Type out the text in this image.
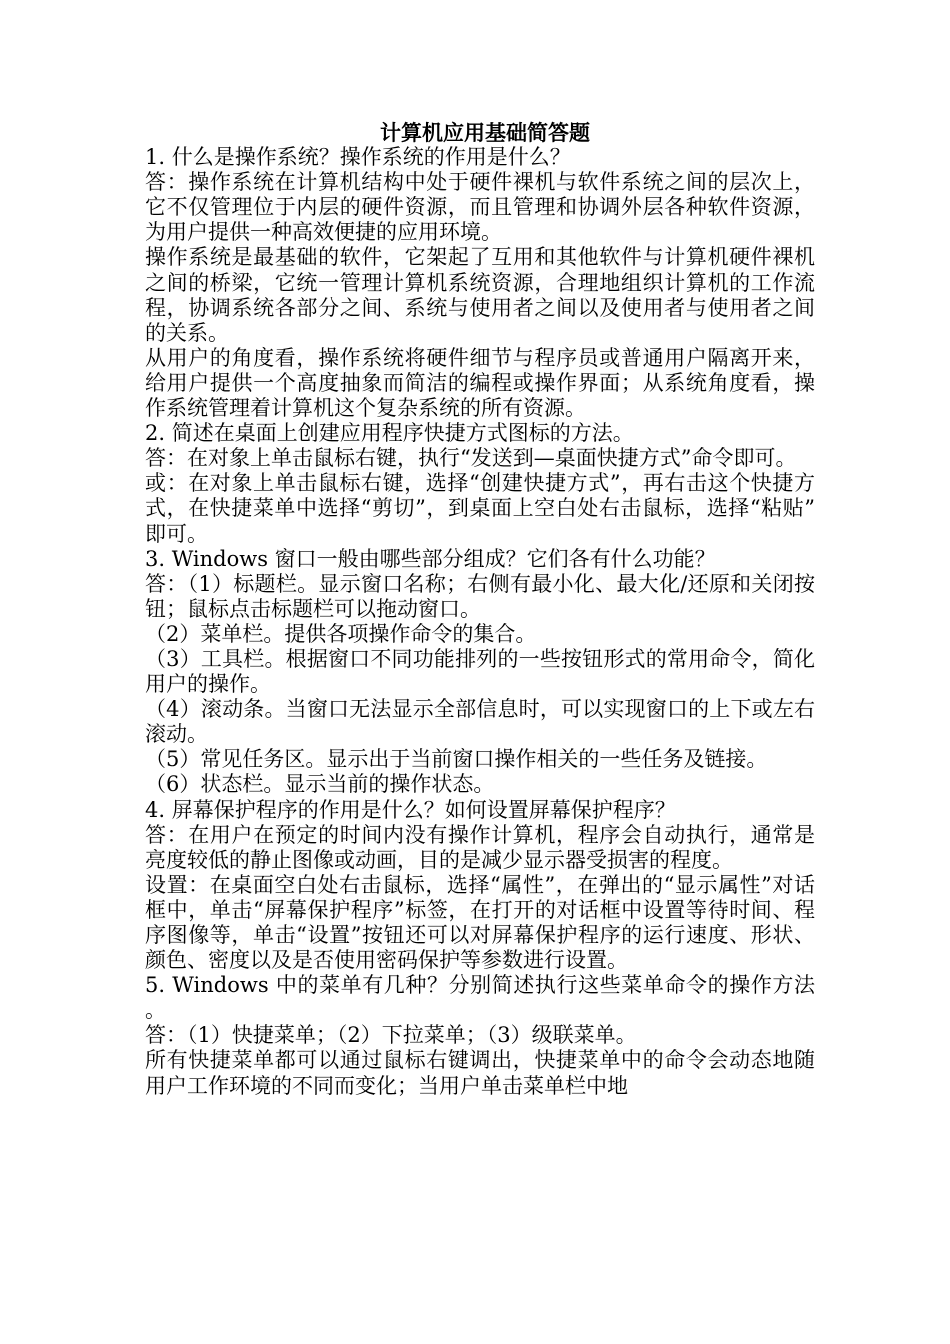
计算机应用基础简答题

1. 什么是操作系统？操作系统的作用是什么？

答：操作系统在计算机结构中处于硬件裸机与软件系统之间的层次上，它不仅管理位于内层的硬件资源，而且管理和协调外层各种软件资源，为用户提供一种高效便捷的应用环境。

操作系统是最基础的软件，它架起了互用和其他软件与计算机硬件裸机之间的桥梁，它统一管理计算机系统资源，合理地组织计算机的工作流程，协调系统各部分之间、系统与使用者之间以及使用者与使用者之间的关系。

从用户的角度看，操作系统将硬件细节与程序员或普通用户隔离开来，给用户提供一个高度抽象而简洁的编程或操作界面；从系统角度看，操作系统管理着计算机这个复杂系统的所有资源。

2. 简述在桌面上创建应用程序快捷方式图标的方法。

答：在对象上单击鼠标右键，执行“发送到—桌面快捷方式”命令即可。

或：在对象上单击鼠标右键，选择“创建快捷方式”，再右击这个快捷方式，在快捷菜单中选择“剪切”，到桌面上空白处右击鼠标，选择“粘贴”即可。

3. Windows 窗口一般由哪些部分组成？它们各有什么功能？

答：（1）标题栏。显示窗口名称；右侧有最小化、最大化/还原和关闭按钮；鼠标点击标题栏可以拖动窗口。

（2）菜单栏。提供各项操作命令的集合。

（3）工具栏。根据窗口不同功能排列的一些按钮形式的常用命令，简化用户的操作。

（4）滚动条。当窗口无法显示全部信息时，可以实现窗口的上下或左右滚动。

（5）常见任务区。显示出于当前窗口操作相关的一些任务及链接。

（6）状态栏。显示当前的操作状态。

4. 屏幕保护程序的作用是什么？如何设置屏幕保护程序？

答：在用户在预定的时间内没有操作计算机，程序会自动执行，通常是亮度较低的静止图像或动画，目的是减少显示器受损害的程度。

设置：在桌面空白处右击鼠标，选择“属性”，在弹出的“显示属性”对话框中，单击“屏幕保护程序”标签，在打开的对话框中设置等待时间、程序图像等，单击“设置”按钮还可以对屏幕保护程序的运行速度、形状、颜色、密度以及是否使用密码保护等参数进行设置。

5. Windows 中的菜单有几种？分别简述执行这些菜单命令的操作方法。

答：（1）快捷菜单；（2）下拉菜单；（3）级联菜单。

所有快捷菜单都可以通过鼠标右键调出，快捷菜单中的命令会动态地随用户工作环境的不同而变化；当用户单击菜单栏中地
